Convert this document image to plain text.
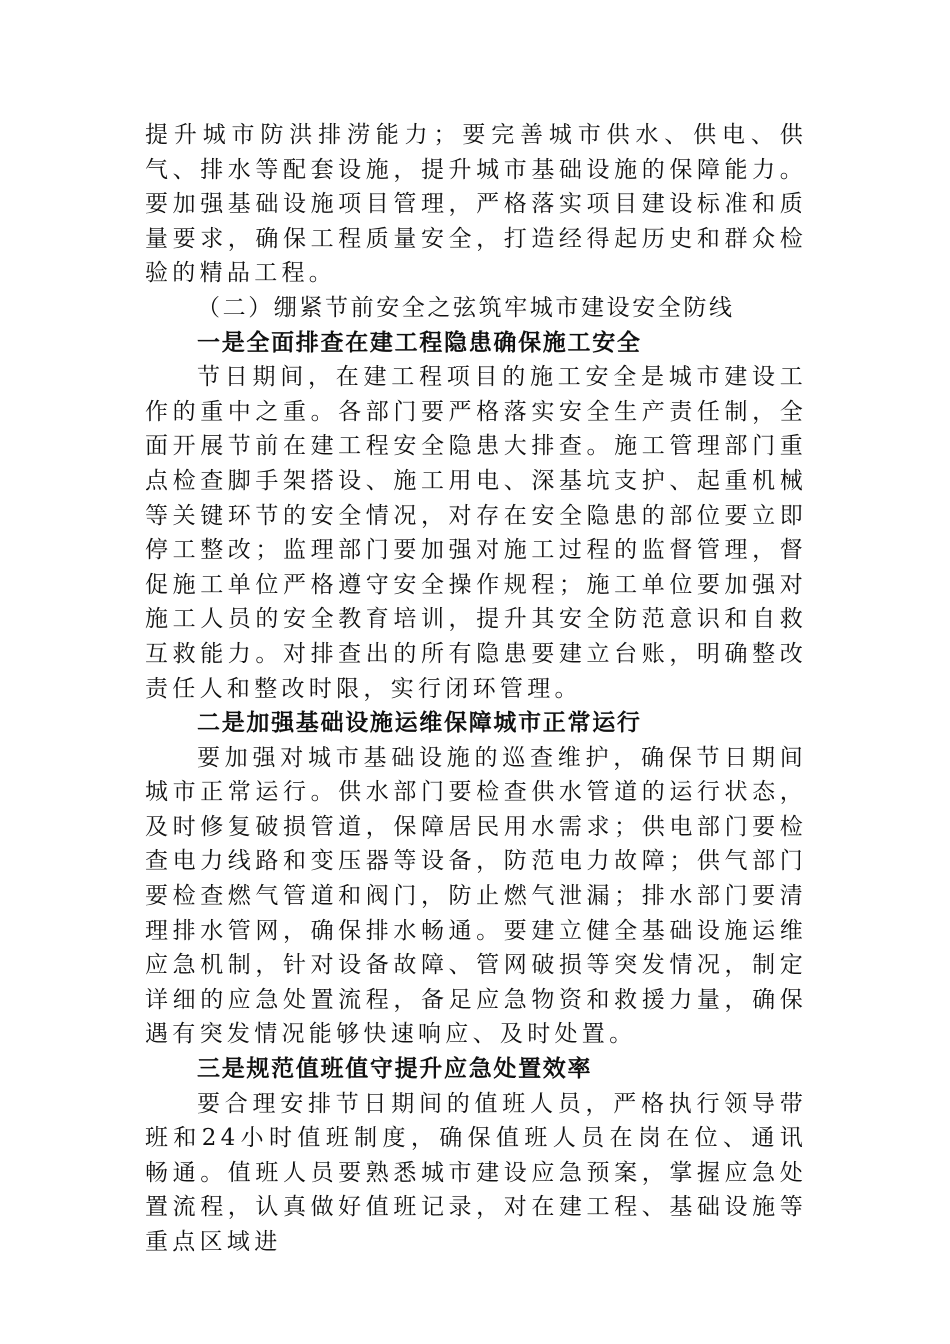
提升城市防洪排涝能力；要完善城市供水、供电、供气、排水等配套设施，提升城市基础设施的保障能力。要加强基础设施项目管理，严格落实项目建设标准和质量要求，确保工程质量安全，打造经得起历史和群众检验的精品工程。

（二）绷紧节前安全之弦筑牢城市建设安全防线

一是全面排查在建工程隐患确保施工安全

节日期间，在建工程项目的施工安全是城市建设工作的重中之重。各部门要严格落实安全生产责任制，全面开展节前在建工程安全隐患大排查。施工管理部门重点检查脚手架搭设、施工用电、深基坑支护、起重机械等关键环节的安全情况，对存在安全隐患的部位要立即停工整改；监理部门要加强对施工过程的监督管理，督促施工单位严格遵守安全操作规程；施工单位要加强对施工人员的安全教育培训，提升其安全防范意识和自救互救能力。对排查出的所有隐患要建立台账，明确整改责任人和整改时限，实行闭环管理。

二是加强基础设施运维保障城市正常运行

要加强对城市基础设施的巡查维护，确保节日期间城市正常运行。供水部门要检查供水管道的运行状态，及时修复破损管道，保障居民用水需求；供电部门要检查电力线路和变压器等设备，防范电力故障；供气部门要检查燃气管道和阀门，防止燃气泄漏；排水部门要清理排水管网，确保排水畅通。要建立健全基础设施运维应急机制，针对设备故障、管网破损等突发情况，制定详细的应急处置流程，备足应急物资和救援力量，确保遇有突发情况能够快速响应、及时处置。

三是规范值班值守提升应急处置效率

要合理安排节日期间的值班人员，严格执行领导带班和24小时值班制度，确保值班人员在岗在位、通讯畅通。值班人员要熟悉城市建设应急预案，掌握应急处置流程，认真做好值班记录，对在建工程、基础设施等重点区域进
